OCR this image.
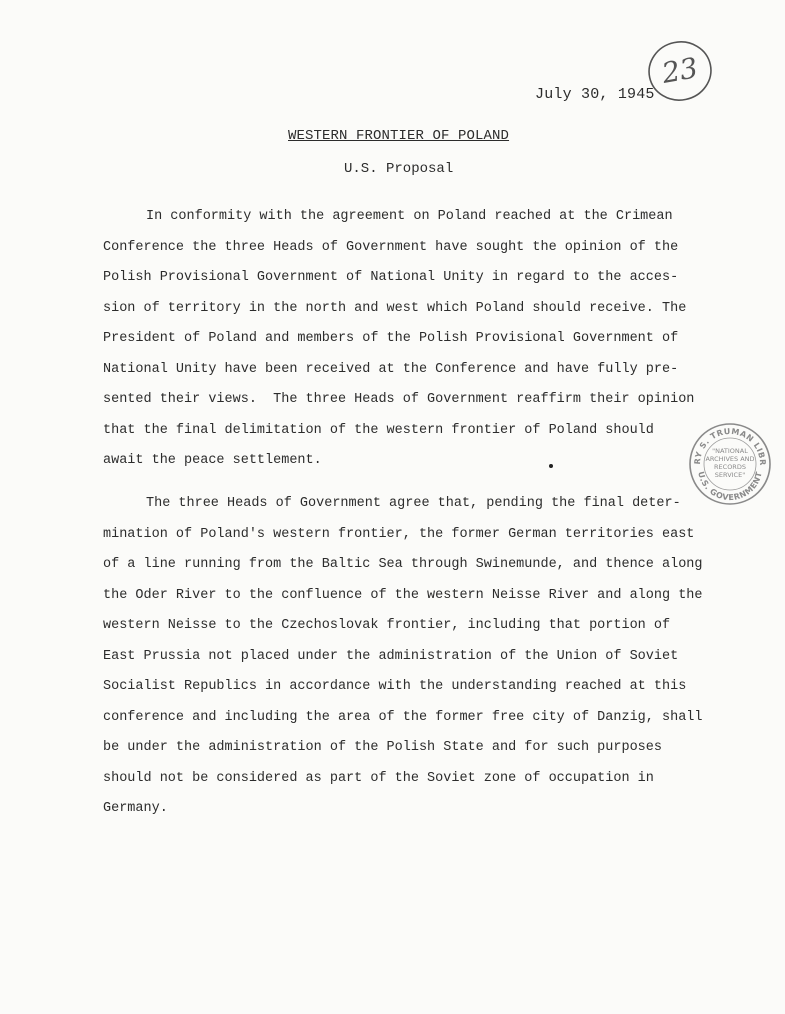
July 30, 1945
23
WESTERN FRONTIER OF POLAND
U.S. Proposal
In conformity with the agreement on Poland reached at the Crimean
Conference the three Heads of Government have sought the opinion of the
Polish Provisional Government of National Unity in regard to the acces-
sion of territory in the north and west which Poland should receive. The
President of Poland and members of the Polish Provisional Government of
National Unity have been received at the Conference and have fully pre-
sented their views.  The three Heads of Government reaffirm their opinion
that the final delimitation of the western frontier of Poland should
await the peace settlement.	RY S. TRUMAN LIBR
U.S. GOVERNMENT
"NATIONAL
ARCHIVES AND
RECORDS
SERVICE"
The three Heads of Government agree that, pending the final deter-
mination of Poland's western frontier, the former German territories east
of a line running from the Baltic Sea through Swinemunde, and thence along
the Oder River to the confluence of the western Neisse River and along the
western Neisse to the Czechoslovak frontier, including that portion of
East Prussia not placed under the administration of the Union of Soviet
Socialist Republics in accordance with the understanding reached at this
conference and including the area of the former free city of Danzig, shall
be under the administration of the Polish State and for such purposes
should not be considered as part of the Soviet zone of occupation in
Germany.
